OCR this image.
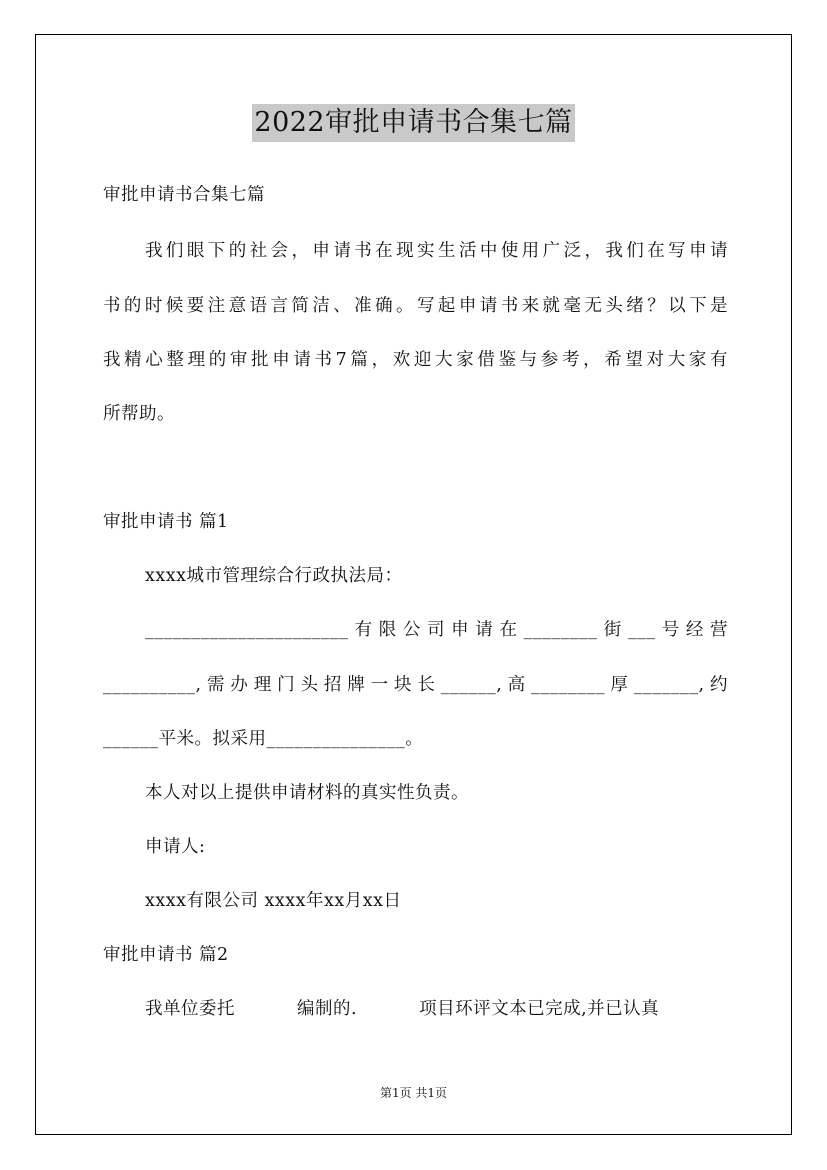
2022审批申请书合集七篇
审批申请书合集七篇
我们眼下的社会，申请书在现实生活中使用广泛，我们在写申请
书的时候要注意语言简洁、准确。写起申请书来就毫无头绪？以下是
我精心整理的审批申请书7篇，欢迎大家借鉴与参考，希望对大家有
所帮助。
审批申请书 篇1
xxxx城市管理综合行政执法局：
______________________有限公司申请在________街___号经营
__________,需办理门头招牌一块长______,高________厚_______,约
______平米。拟采用_______________。
本人对以上提供申请材料的真实性负责。
申请人:
xxxx有限公司 xxxx年xx月xx日
审批申请书 篇2
我单位委托	编制的.	项目环评文本已完成,并已认真
第1页 共1页
